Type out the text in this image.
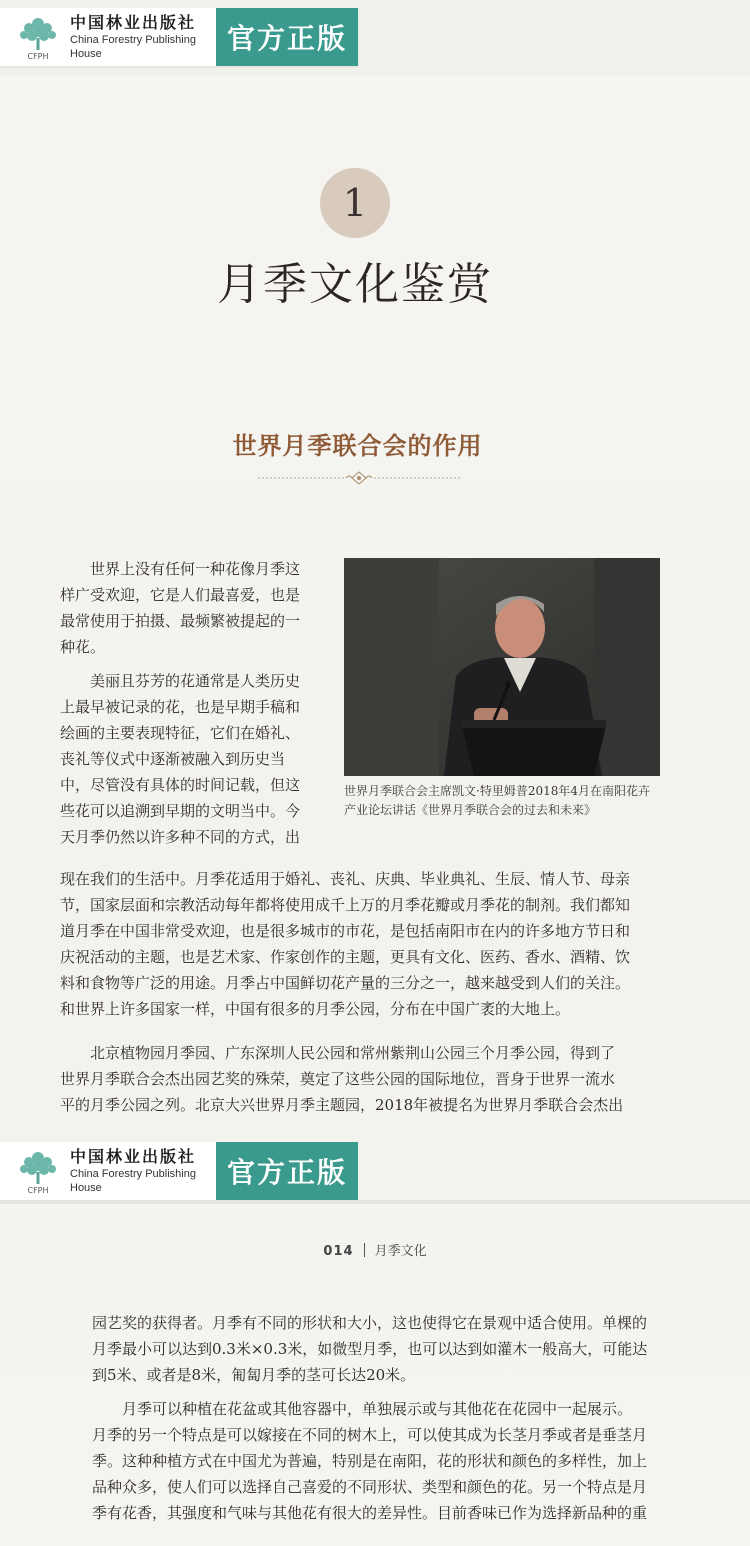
CFPH
中国林业出版社
China Forestry Publishing House	官方正版
1
月季文化鉴赏
世界月季联合会的作用
世界上没有任何一种花像月季这
样广受欢迎，它是人们最喜爱，也是
最常使用于拍摄、最频繁被提起的一
种花。
美丽且芬芳的花通常是人类历史
上最早被记录的花，也是早期手稿和
绘画的主要表现特征，它们在婚礼、
丧礼等仪式中逐渐被融入到历史当
中，尽管没有具体的时间记载，但这
些花可以追溯到早期的文明当中。今
天月季仍然以许多种不同的方式，出
世界月季联合会主席凯文·特里姆普2018年4月在南阳花卉产业论坛讲话《世界月季联合会的过去和未来》
现在我们的生活中。月季花适用于婚礼、丧礼、庆典、毕业典礼、生辰、情人节、母亲
节，国家层面和宗教活动每年都将使用成千上万的月季花瓣或月季花的制剂。我们都知
道月季在中国非常受欢迎，也是很多城市的市花，是包括南阳市在内的许多地方节日和
庆祝活动的主题，也是艺术家、作家创作的主题，更具有文化、医药、香水、酒精、饮
料和食物等广泛的用途。月季占中国鲜切花产量的三分之一，越来越受到人们的关注。
和世界上许多国家一样，中国有很多的月季公园，分布在中国广袤的大地上。
北京植物园月季园、广东深圳人民公园和常州紫荆山公园三个月季公园，得到了
世界月季联合会杰出园艺奖的殊荣，奠定了这些公园的国际地位，晋身于世界一流水
平的月季公园之列。北京大兴世界月季主题园，2018年被提名为世界月季联合会杰出
CFPH
中国林业出版社
China Forestry Publishing House	官方正版
014 月季文化
园艺奖的获得者。月季有不同的形状和大小，这也使得它在景观中适合使用。单棵的
月季最小可以达到0.3米×0.3米，如微型月季，也可以达到如灌木一般高大，可能达
到5米、或者是8米，匍匐月季的茎可长达20米。
月季可以种植在花盆或其他容器中，单独展示或与其他花在花园中一起展示。
月季的另一个特点是可以嫁接在不同的树木上，可以使其成为长茎月季或者是垂茎月
季。这种种植方式在中国尤为普遍，特别是在南阳，花的形状和颜色的多样性，加上
品种众多，使人们可以选择自己喜爱的不同形状、类型和颜色的花。另一个特点是月
季有花香，其强度和气味与其他花有很大的差异性。目前香味已作为选择新品种的重
